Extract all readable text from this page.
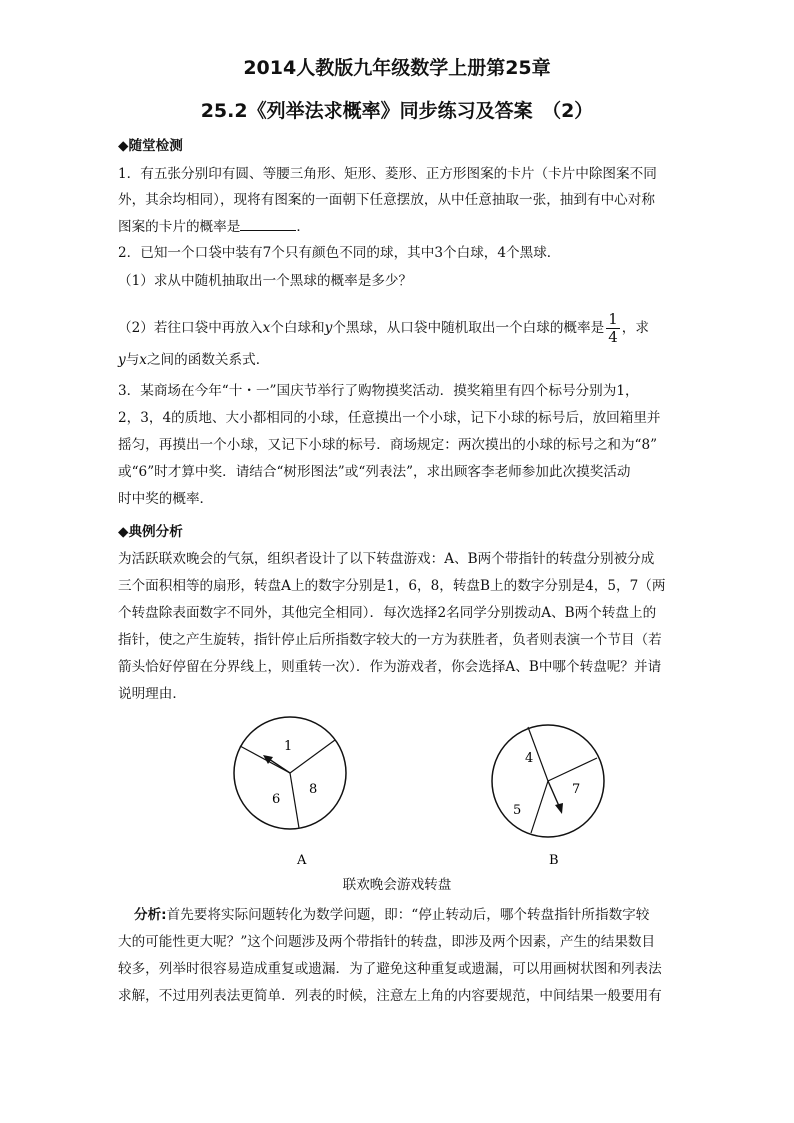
2014人教版九年级数学上册第25章
25.2《列举法求概率》同步练习及答案　（2）
◆随堂检测
1．有五张分别印有圆、等腰三角形、矩形、菱形、正方形图案的卡片（卡片中除图案不同
外，其余均相同），现将有图案的一面朝下任意摆放，从中任意抽取一张，抽到有中心对称
图案的卡片的概率是	．
2．已知一个口袋中装有7个只有颜色不同的球，其中3个白球，4个黑球．
（1）求从中随机抽取出一个黑球的概率是多少？
（2）若往口袋中再放入x个白球和y个黑球，从口袋中随机取出一个白球的概率是 $\frac{1}{4}$ ，求
y与x之间的函数关系式．
3．某商场在今年“十・一”国庆节举行了购物摸奖活动．摸奖箱里有四个标号分别为1，
2，3，4的质地、大小都相同的小球，任意摸出一个小球，记下小球的标号后，放回箱里并
摇匀，再摸出一个小球，又记下小球的标号．商场规定：两次摸出的小球的标号之和为“8”
或“6”时才算中奖．请结合“树形图法”或“列表法”，求出顾客李老师参加此次摸奖活动
时中奖的概率．
◆典例分析
为活跃联欢晚会的气氛，组织者设计了以下转盘游戏：A、B两个带指针的转盘分别被分成
三个面积相等的扇形，转盘A上的数字分别是1，6，8，转盘B上的数字分别是4，5，7（两
个转盘除表面数字不同外，其他完全相同）．每次选择2名同学分别拨动A、B两个转盘上的
指针，使之产生旋转，指针停止后所指数字较大的一方为获胜者，负者则表演一个节目（若
箭头恰好停留在分界线上，则重转一次）．作为游戏者，你会选择A、B中哪个转盘呢？并请
说明理由．
1
8
6
A
4
7
5
B
联欢晚会游戏转盘
分析:首先要将实际问题转化为数学问题，即：“停止转动后，哪个转盘指针所指数字较
大的可能性更大呢？”这个问题涉及两个带指针的转盘，即涉及两个因素，产生的结果数目
较多，列举时很容易造成重复或遗漏．为了避免这种重复或遗漏，可以用画树状图和列表法
求解，不过用列表法更简单．列表的时候，注意左上角的内容要规范，中间结果一般要用有
